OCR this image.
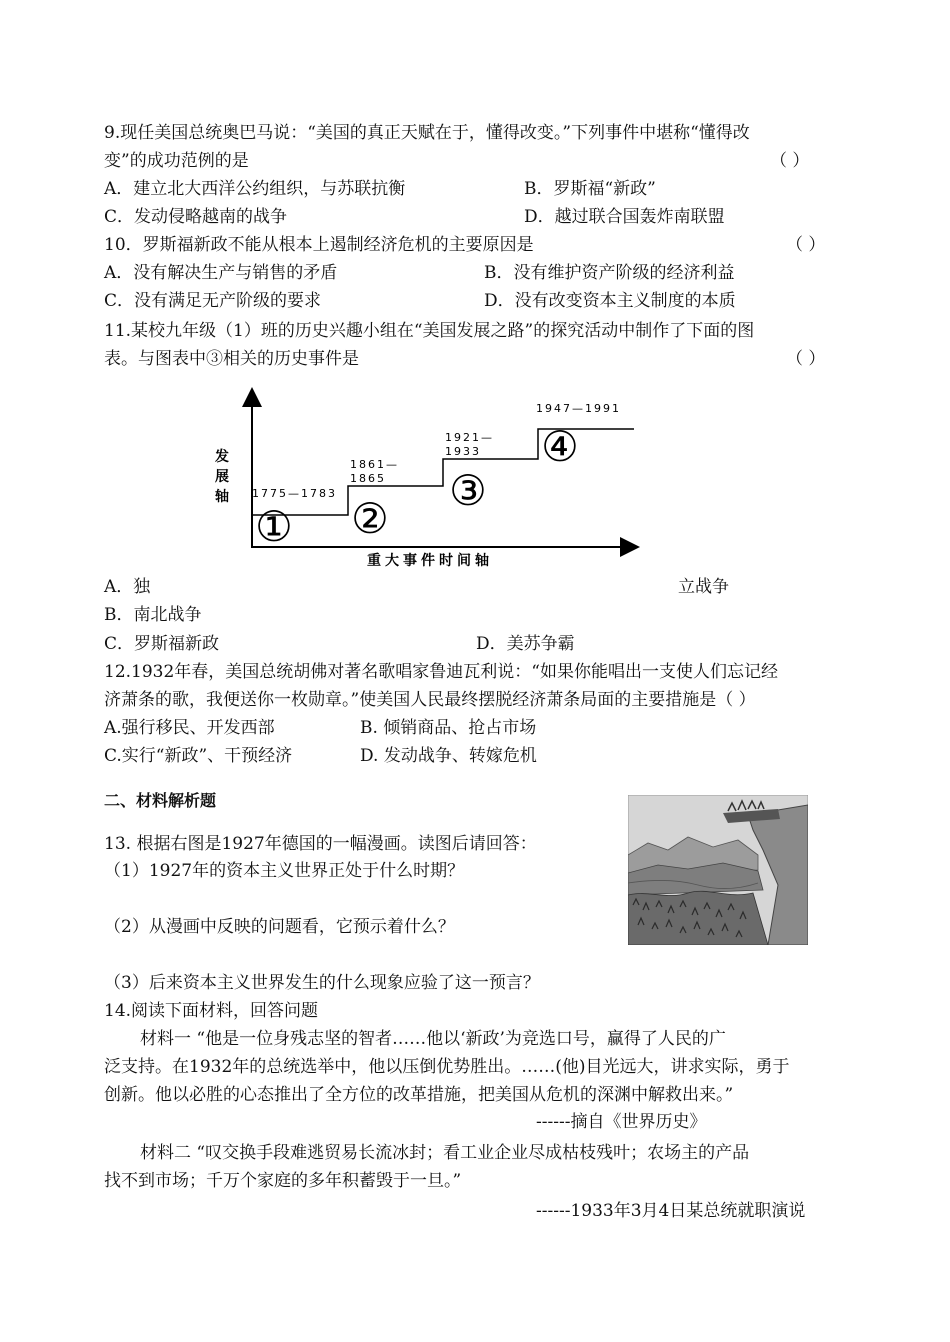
9.现任美国总统奥巴马说：“美国的真正天赋在于，懂得改变。”下列事件中堪称“懂得改
变”的成功范例的是	（ ）
A．建立北大西洋公约组织，与苏联抗衡	B．罗斯福“新政”
C．发动侵略越南的战争	D．越过联合国轰炸南联盟
10．罗斯福新政不能从根本上遏制经济危机的主要原因是	（ ）
A．没有解决生产与销售的矛盾	B．没有维护资产阶级的经济利益
C．没有满足无产阶级的要求	D．没有改变资本主义制度的本质
11.某校九年级（1）班的历史兴趣小组在“美国发展之路”的探究活动中制作了下面的图
表。与图表中③相关的历史事件是	（ ）
发
展
轴
重大事件时间轴
1775—1783
①
1861—
1865
②
1921—
1933
③
1947—1991
④
A．独	立战争
B．南北战争
C．罗斯福新政	D．美苏争霸
12.1932年春，美国总统胡佛对著名歌唱家鲁迪瓦利说：“如果你能唱出一支使人们忘记经
济萧条的歌，我便送你一枚勋章。”使美国人民最终摆脱经济萧条局面的主要措施是（ ）
A.强行移民、开发西部	B. 倾销商品、抢占市场
C.实行“新政”、干预经济	D. 发动战争、转嫁危机
二、材料解析题
13. 根据右图是1927年德国的一幅漫画。读图后请回答：
（1）1927年的资本主义世界正处于什么时期？
（2）从漫画中反映的问题看，它预示着什么？
（3）后来资本主义世界发生的什么现象应验了这一预言？
14.阅读下面材料，回答问题
材料一 “他是一位身残志坚的智者……他以‘新政’为竞选口号，赢得了人民的广
泛支持。在1932年的总统选举中，他以压倒优势胜出。……(他)目光远大，讲求实际，勇于
创新。他以必胜的心态推出了全方位的改革措施，把美国从危机的深渊中解救出来。”
------摘自《世界历史》
材料二 “叹交换手段难逃贸易长流冰封；看工业企业尽成枯枝残叶；农场主的产品
找不到市场；千万个家庭的多年积蓄毁于一旦。”
------1933年3月4日某总统就职演说
